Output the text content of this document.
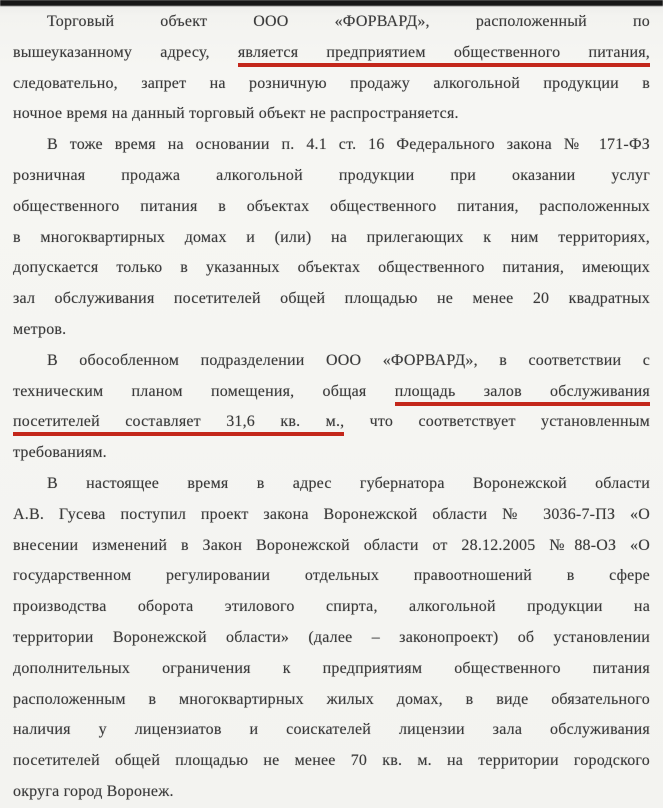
Торговый объект ООО «ФОРВАРД», расположенный по
вышеуказанному адресу, является предприятием общественного питания,
следовательно, запрет на розничную продажу алкогольной продукции в
ночное время на данный торговый объект не распространяется.

В тоже время на основании п. 4.1 ст. 16 Федерального закона № 171-ФЗ
розничная продажа алкогольной продукции при оказании услуг
общественного питания в объектах общественного питания, расположенных
в многоквартирных домах и (или) на прилегающих к ним территориях,
допускается только в указанных объектах общественного питания, имеющих
зал обслуживания посетителей общей площадью не менее 20 квадратных
метров.

В обособленном подразделении ООО «ФОРВАРД», в соответствии с
техническим планом помещения, общая площадь залов обслуживания
посетителей составляет 31,6 кв. м., что соответствует установленным
требованиям.

В настоящее время в адрес губернатора Воронежской области
А.В. Гусева поступил проект закона Воронежской области № 3036-7-ПЗ «О
внесении изменений в Закон Воронежской области от 28.12.2005 №88-ОЗ «О
государственном регулировании отдельных правоотношений в сфере
производства оборота этилового спирта, алкогольной продукции на
территории Воронежской области» (далее – законопроект) об установлении
дополнительных ограничения к предприятиям общественного питания
расположенным в многоквартирных жилых домах, в виде обязательного
наличия у лицензиатов и соискателей лицензии зала обслуживания
посетителей общей площадью не менее 70 кв. м. на территории городского
округа город Воронеж.
